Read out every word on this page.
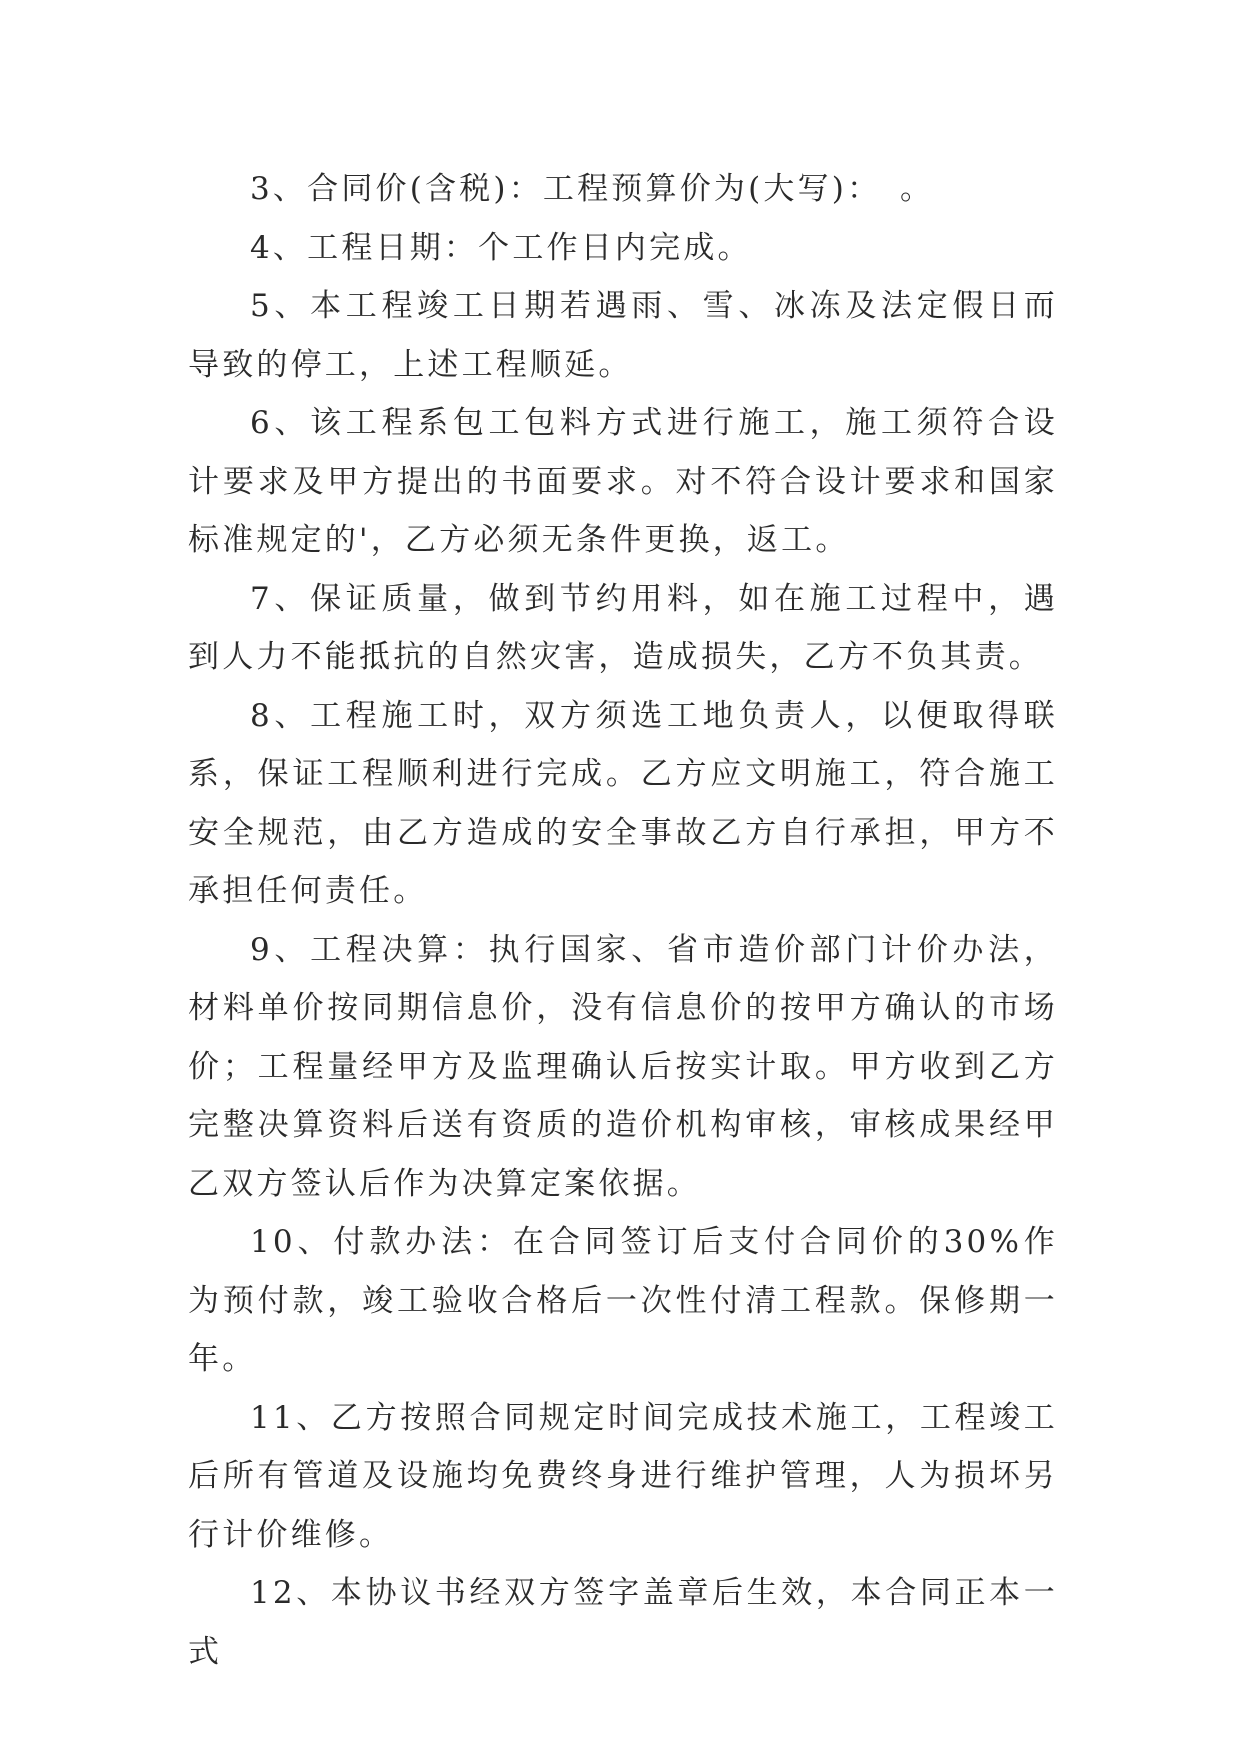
3、合同价(含税)：工程预算价为(大写)：　。

4、工程日期：个工作日内完成。

5、本工程竣工日期若遇雨、雪、冰冻及法定假日而导致的停工，上述工程顺延。

6、该工程系包工包料方式进行施工，施工须符合设计要求及甲方提出的书面要求。对不符合设计要求和国家标准规定的'，乙方必须无条件更换，返工。

7、保证质量，做到节约用料，如在施工过程中，遇到人力不能抵抗的自然灾害，造成损失，乙方不负其责。

8、工程施工时，双方须选工地负责人，以便取得联系，保证工程顺利进行完成。乙方应文明施工，符合施工安全规范，由乙方造成的安全事故乙方自行承担，甲方不承担任何责任。

9、工程决算：执行国家、省市造价部门计价办法，材料单价按同期信息价，没有信息价的按甲方确认的市场价；工程量经甲方及监理确认后按实计取。甲方收到乙方完整决算资料后送有资质的造价机构审核，审核成果经甲乙双方签认后作为决算定案依据。

10、付款办法：在合同签订后支付合同价的30%作为预付款，竣工验收合格后一次性付清工程款。保修期一年。

11、乙方按照合同规定时间完成技术施工，工程竣工后所有管道及设施均免费终身进行维护管理，人为损坏另行计价维修。

12、本协议书经双方签字盖章后生效，本合同正本一式
